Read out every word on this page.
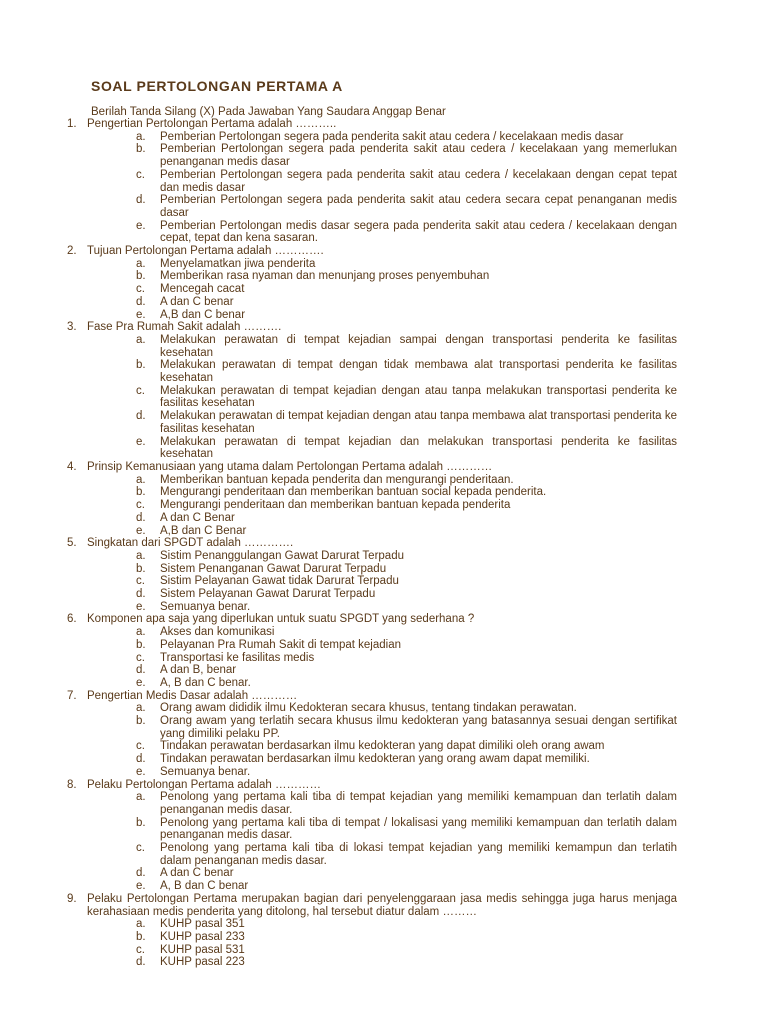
SOAL PERTOLONGAN PERTAMA A

Berilah Tanda Silang (X) Pada Jawaban Yang Saudara Anggap Benar

1. Pengertian Pertolongan Pertama adalah ………..
a.	Pemberian Pertolongan segera pada penderita sakit atau cedera / kecelakaan medis dasar
b.	Pemberian Pertolongan segera pada penderita sakit atau cedera / kecelakaan yang memerlukan penanganan medis dasar
c.	Pemberian Pertolongan segera pada penderita sakit atau cedera / kecelakaan dengan cepat tepat dan medis dasar
d.	Pemberian Pertolongan segera pada penderita sakit atau cedera secara cepat penanganan medis dasar
e.	Pemberian Pertolongan medis dasar segera pada penderita sakit atau cedera / kecelakaan dengan cepat, tepat dan kena sasaran.
2. Tujuan Pertolongan Pertama adalah ………….
a.	Menyelamatkan jiwa penderita
b.	Memberikan rasa nyaman dan menunjang proses penyembuhan
c.	Mencegah cacat
d.	A dan C benar
e.	A,B dan C benar
3. Fase Pra Rumah Sakit adalah ……….
a.	Melakukan perawatan di tempat kejadian sampai dengan transportasi penderita ke fasilitas kesehatan
b.	Melakukan perawatan di tempat dengan tidak membawa alat transportasi penderita ke fasilitas kesehatan
c.	Melakukan perawatan di tempat kejadian dengan atau tanpa melakukan transportasi penderita ke fasilitas kesehatan
d.	Melakukan perawatan di tempat kejadian dengan atau tanpa membawa alat transportasi penderita ke fasilitas kesehatan
e.	Melakukan perawatan di tempat kejadian dan melakukan transportasi penderita ke fasilitas kesehatan
4. Prinsip Kemanusiaan yang utama dalam Pertolongan Pertama adalah …………
a.	Memberikan bantuan kepada penderita dan mengurangi penderitaan.
b.	Mengurangi penderitaan dan memberikan bantuan social kepada penderita.
c.	Mengurangi penderitaan dan memberikan bantuan kepada penderita
d.	A dan C Benar
e.	A,B dan C Benar
5. Singkatan dari SPGDT adalah ………….
a.	Sistim Penanggulangan Gawat Darurat Terpadu
b.	Sistem Penanganan Gawat Darurat Terpadu
c.	Sistim Pelayanan Gawat tidak Darurat Terpadu
d.	Sistem Pelayanan Gawat Darurat Terpadu
e.	Semuanya benar.
6. Komponen apa saja yang diperlukan untuk suatu SPGDT yang sederhana ?
a.	Akses dan komunikasi
b.	Pelayanan Pra Rumah Sakit di tempat kejadian
c.	Transportasi ke fasilitas medis
d.	A dan B, benar
e.	A, B dan C benar.
7. Pengertian Medis Dasar adalah …………
a.	Orang awam dididik ilmu Kedokteran secara khusus, tentang tindakan perawatan.
b.	Orang awam yang terlatih secara khusus ilmu kedokteran yang batasannya sesuai dengan sertifikat yang dimiliki pelaku PP.
c.	Tindakan perawatan berdasarkan ilmu kedokteran yang dapat dimiliki oleh orang awam
d.	Tindakan perawatan berdasarkan ilmu kedokteran yang orang awam dapat memiliki.
e.	Semuanya benar.
8. Pelaku Pertolongan Pertama adalah …………
a.	Penolong yang pertama kali tiba di tempat kejadian yang memiliki kemampuan dan terlatih dalam penanganan medis dasar.
b.	Penolong yang pertama kali tiba di tempat / lokalisasi yang memiliki kemampuan dan terlatih dalam penanganan medis dasar.
c.	Penolong yang pertama kali tiba di lokasi tempat kejadian yang memiliki kemampun dan terlatih dalam penanganan medis dasar.
d.	A dan C benar
e.	A, B dan C benar
9. Pelaku Pertolongan Pertama merupakan bagian dari penyelenggaraan jasa medis sehingga juga harus menjaga kerahasiaan medis penderita yang ditolong, hal tersebut diatur dalam ………
a.	KUHP pasal 351
b.	KUHP pasal 233
c.	KUHP pasal 531
d.	KUHP pasal 223
